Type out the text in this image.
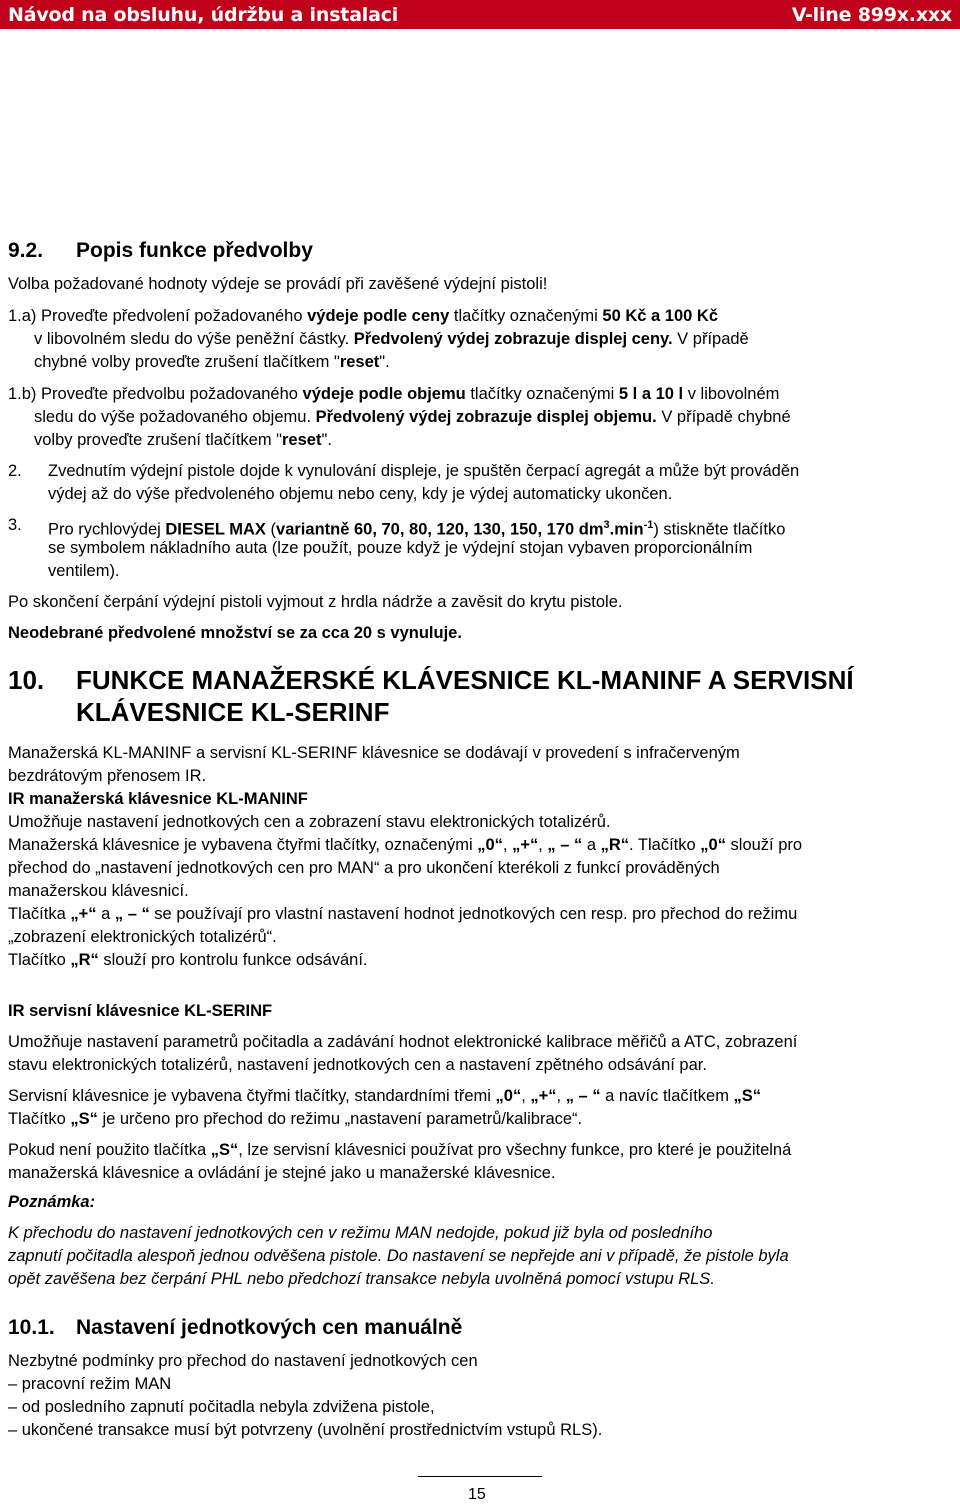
Návod na obsluhu, údržbu a instalaci	V-line 899x.xxx
9.2. Popis funkce předvolby
Volba požadované hodnoty výdeje se provádí při zavěšené výdejní pistoli!
1.a) Proveďte předvolení požadovaného výdeje podle ceny tlačítky označenými 50 Kč a 100 Kč
v libovolném sledu do výše peněžní částky. Předvolený výdej zobrazuje displej ceny. V případě
chybné volby proveďte zrušení tlačítkem "reset".
1.b) Proveďte předvolbu požadovaného výdeje podle objemu tlačítky označenými 5 l a 10 l v libovolném
sledu do výše požadovaného objemu. Předvolený výdej zobrazuje displej objemu. V případě chybné
volby proveďte zrušení tlačítkem "reset".
2. Zvednutím výdejní pistole dojde k vynulování displeje, je spuštěn čerpací agregát a může být prováděn
výdej až do výše předvoleného objemu nebo ceny, kdy je výdej automaticky ukončen.
3. Pro rychlovýdej DIESEL MAX (variantně 60, 70, 80, 120, 130, 150, 170 $dm^3.\min^{-1}$) stiskněte tlačítko
se symbolem nákladního auta (lze použít, pouze když je výdejní stojan vybaven proporcionálním
ventilem).
Po skončení čerpání výdejní pistoli vyjmout z hrdla nádrže a zavěsit do krytu pistole.
Neodebrané předvolené množství se za cca 20 s vynuluje.
10. FUNKCE MANAŽERSKÉ KLÁVESNICE KL-MANINF A SERVISNÍ
KLÁVESNICE KL-SERINF
Manažerská KL-MANINF a servisní KL-SERINF klávesnice se dodávají v provedení s infračerveným
bezdrátovým přenosem IR.
IR manažerská klávesnice KL-MANINF
Umožňuje nastavení jednotkových cen a zobrazení stavu elektronických totalizérů.
Manažerská klávesnice je vybavena čtyřmi tlačítky, označenými „0“, „+“, „ – “ a „R“. Tlačítko „0“ slouží pro
přechod do „nastavení jednotkových cen pro MAN“ a pro ukončení kterékoli z funkcí prováděných
manažerskou klávesnicí.
Tlačítka „+“ a „ – “ se používají pro vlastní nastavení hodnot jednotkových cen resp. pro přechod do režimu
„zobrazení elektronických totalizérů“.
Tlačítko „R“ slouží pro kontrolu funkce odsávání.
IR servisní klávesnice KL-SERINF
Umožňuje nastavení parametrů počitadla a zadávání hodnot elektronické kalibrace měřičů a ATC, zobrazení
stavu elektronických totalizérů, nastavení jednotkových cen a nastavení zpětného odsávání par.
Servisní klávesnice je vybavena čtyřmi tlačítky, standardními třemi „0“, „+“, „ – “ a navíc tlačítkem „S“
Tlačítko „S“ je určeno pro přechod do režimu „nastavení parametrů/kalibrace“.
Pokud není použito tlačítka „S“, lze servisní klávesnici používat pro všechny funkce, pro které je použitelná
manažerská klávesnice a ovládání je stejné jako u manažerské klávesnice.
Poznámka:
K přechodu do nastavení jednotkových cen v režimu MAN nedojde, pokud již byla od posledního
zapnutí počitadla alespoň jednou odvěšena pistole. Do nastavení se nepřejde ani v případě, že pistole byla
opět zavěšena bez čerpání PHL nebo předchozí transakce nebyla uvolněná pomocí vstupu RLS.
10.1. Nastavení jednotkových cen manuálně
Nezbytné podmínky pro přechod do nastavení jednotkových cen
– pracovní režim MAN
– od posledního zapnutí počitadla nebyla zdvižena pistole,
– ukončené transakce musí být potvrzeny (uvolnění prostřednictvím vstupů RLS).
15
